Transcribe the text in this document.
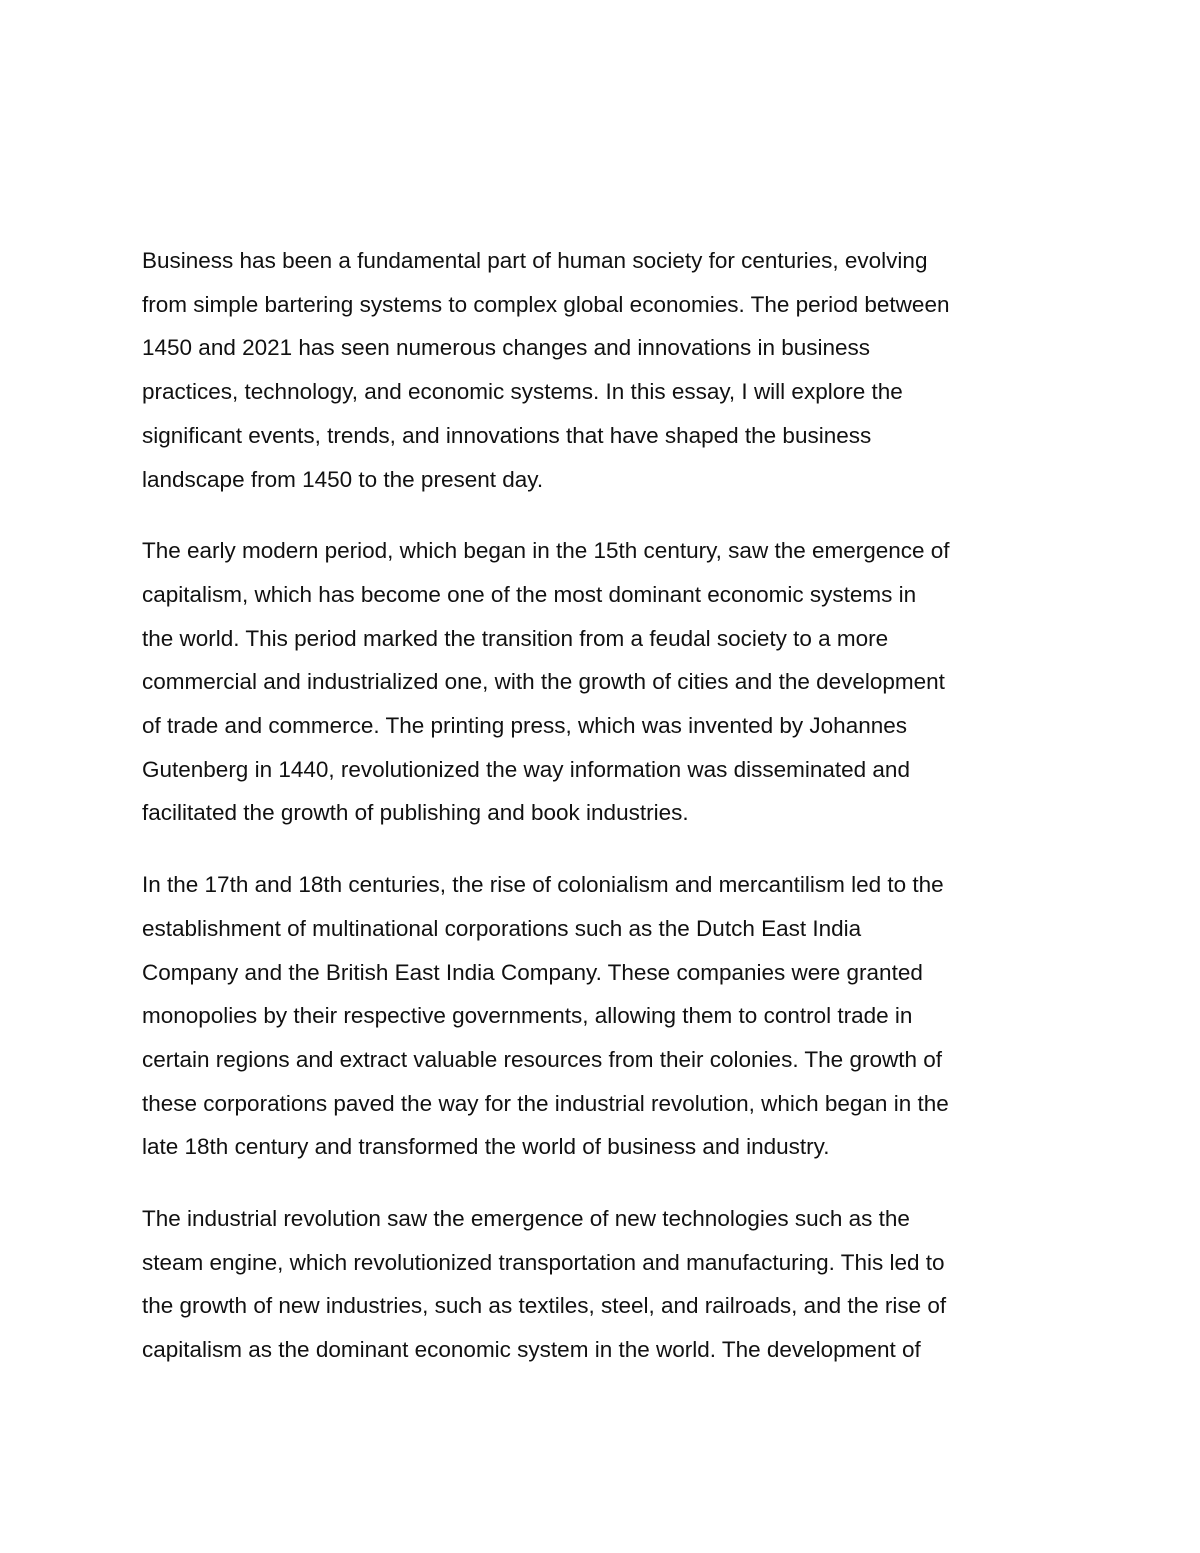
Business has been a fundamental part of human society for centuries, evolving
from simple bartering systems to complex global economies. The period between
1450 and 2021 has seen numerous changes and innovations in business
practices, technology, and economic systems. In this essay, I will explore the
significant events, trends, and innovations that have shaped the business
landscape from 1450 to the present day.
The early modern period, which began in the 15th century, saw the emergence of
capitalism, which has become one of the most dominant economic systems in
the world. This period marked the transition from a feudal society to a more
commercial and industrialized one, with the growth of cities and the development
of trade and commerce. The printing press, which was invented by Johannes
Gutenberg in 1440, revolutionized the way information was disseminated and
facilitated the growth of publishing and book industries.
In the 17th and 18th centuries, the rise of colonialism and mercantilism led to the
establishment of multinational corporations such as the Dutch East India
Company and the British East India Company. These companies were granted
monopolies by their respective governments, allowing them to control trade in
certain regions and extract valuable resources from their colonies. The growth of
these corporations paved the way for the industrial revolution, which began in the
late 18th century and transformed the world of business and industry.
The industrial revolution saw the emergence of new technologies such as the
steam engine, which revolutionized transportation and manufacturing. This led to
the growth of new industries, such as textiles, steel, and railroads, and the rise of
capitalism as the dominant economic system in the world. The development of
